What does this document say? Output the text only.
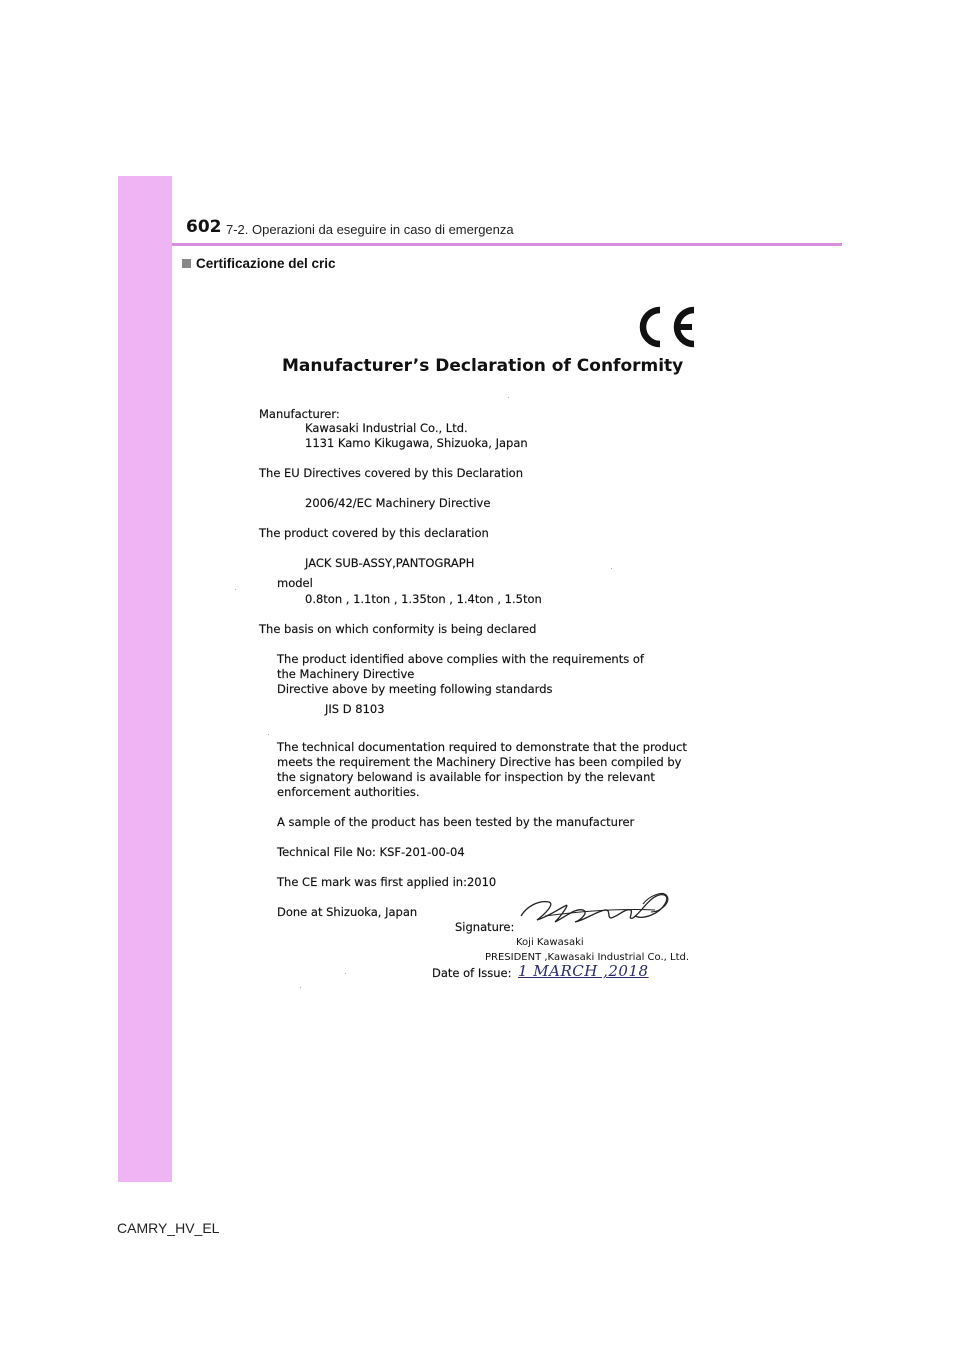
602 7-2. Operazioni da eseguire in caso di emergenza
Certificazione del cric
Manufacturer’s Declaration of Conformity
Manufacturer:
Kawasaki Industrial Co., Ltd.
1131 Kamo Kikugawa, Shizuoka, Japan
The EU Directives covered by this Declaration
2006/42/EC Machinery Directive
The product covered by this declaration
JACK SUB-ASSY,PANTOGRAPH
model
0.8ton , 1.1ton , 1.35ton , 1.4ton , 1.5ton
The basis on which conformity is being declared
The product identified above complies with the requirements of
the Machinery Directive
Directive above by meeting following standards
JIS D 8103
The technical documentation required to demonstrate that the product
meets the requirement the Machinery Directive has been compiled by
the signatory belowand is available for inspection by the relevant
enforcement authorities.
A sample of the product has been tested by the manufacturer
Technical File No: KSF-201-00-04
The CE mark was first applied in:2010
Done at Shizuoka, Japan
Signature:
Koji Kawasaki
PRESIDENT ,Kawasaki Industrial Co., Ltd.
Date of Issue: 1 MARCH ,2018
CAMRY_HV_EL
